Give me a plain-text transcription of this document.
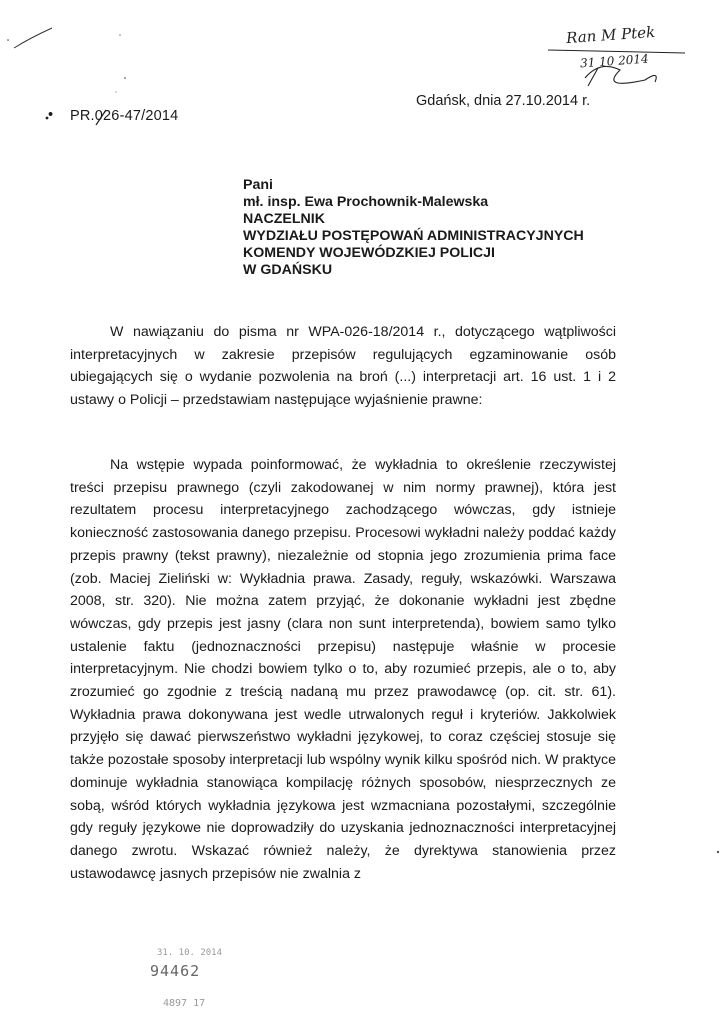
Ran M Ptek
31 10 2014
• PR.026-47/2014
Gdańsk, dnia 27.10.2014 r.
Pani
mł. insp. Ewa Prochownik-Malewska
NACZELNIK
WYDZIAŁU POSTĘPOWAŃ ADMINISTRACYJNYCH
KOMENDY WOJEWÓDZKIEJ POLICJI
W GDAŃSKU

W nawiązaniu do pisma nr WPA-026-18/2014 r., dotyczącego wątpliwości interpretacyjnych w zakresie przepisów regulujących egzaminowanie osób ubiegających się o wydanie pozwolenia na broń (...) interpretacji art. 16 ust. 1 i 2 ustawy o Policji – przedstawiam następujące wyjaśnienie prawne:

Na wstępie wypada poinformować, że wykładnia to określenie rzeczywistej treści przepisu prawnego (czyli zakodowanej w nim normy prawnej), która jest rezultatem procesu interpretacyjnego zachodzącego wówczas, gdy istnieje konieczność zastosowania danego przepisu. Procesowi wykładni należy poddać każdy przepis prawny (tekst prawny), niezależnie od stopnia jego zrozumienia prima face (zob. Maciej Zieliński w: Wykładnia prawa. Zasady, reguły, wskazówki. Warszawa 2008, str. 320). Nie można zatem przyjąć, że dokonanie wykładni jest zbędne wówczas, gdy przepis jest jasny (clara non sunt interpretenda), bowiem samo tylko ustalenie faktu (jednoznaczności przepisu) następuje właśnie w procesie interpretacyjnym. Nie chodzi bowiem tylko o to, aby rozumieć przepis, ale o to, aby zrozumieć go zgodnie z treścią nadaną mu przez prawodawcę (op. cit. str. 61). Wykładnia prawa dokonywana jest wedle utrwalonych reguł i kryteriów. Jakkolwiek przyjęło się dawać pierwszeństwo wykładni językowej, to coraz częściej stosuje się także pozostałe sposoby interpretacji lub wspólny wynik kilku spośród nich. W praktyce dominuje wykładnia stanowiąca kompilację różnych sposobów, niesprzecznych ze sobą, wśród których wykładnia językowa jest wzmacniana pozostałymi, szczególnie gdy reguły językowe nie doprowadziły do uzyskania jednoznaczności interpretacyjnej danego zwrotu. Wskazać również należy, że dyrektywa stanowienia przez ustawodawcę jasnych przepisów nie zwalnia z

31. 10. 2014
94462
4897 17
